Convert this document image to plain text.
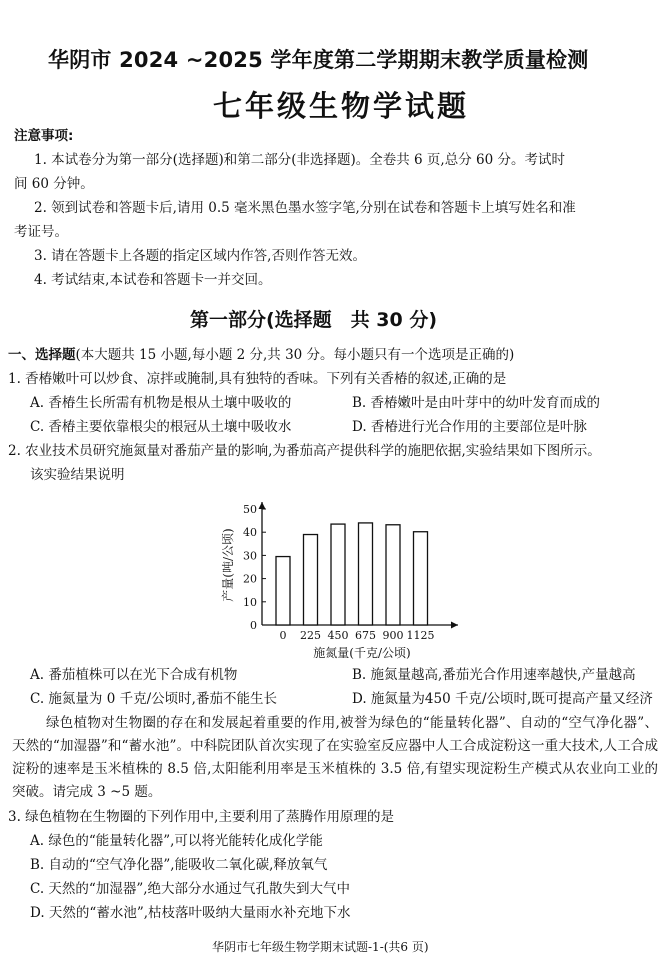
华阴市 2024 ~2025 学年度第二学期期末教学质量检测
七年级生物学试题
注意事项:
1. 本试卷分为第一部分(选择题)和第二部分(非选择题)。全卷共 6 页,总分 60 分。考试时
间 60 分钟。
2. 领到试卷和答题卡后,请用 0.5 毫米黑色墨水签字笔,分别在试卷和答题卡上填写姓名和准
考证号。
3. 请在答题卡上各题的指定区域内作答,否则作答无效。
4. 考试结束,本试卷和答题卡一并交回。
第一部分(选择题　共 30 分)
一、选择题(本大题共 15 小题,每小题 2 分,共 30 分。每小题只有一个选项是正确的)
1. 香椿嫩叶可以炒食、凉拌或腌制,具有独特的香味。下列有关香椿的叙述,正确的是
A. 香椿生长所需有机物是根从土壤中吸收的	B. 香椿嫩叶是由叶芽中的幼叶发育而成的
C. 香椿主要依靠根尖的根冠从土壤中吸收水	D. 香椿进行光合作用的主要部位是叶脉
2. 农业技术员研究施氮量对番茄产量的影响,为番茄高产提供科学的施肥依据,实验结果如下图所示。
该实验结果说明
0
10
20
30
40
50
0 225 450 675 900 1125
施氮量(千克/公顷)
产量(吨/公顷)
A. 番茄植株可以在光下合成有机物	B. 施氮量越高,番茄光合作用速率越快,产量越高
C. 施氮量为 0 千克/公顷时,番茄不能生长	D. 施氮量为450 千克/公顷时,既可提高产量又经济
绿色植物对生物圈的存在和发展起着重要的作用,被誉为绿色的“能量转化器”、自动的“空气净化器”、天然的“加湿器”和“蓄水池”。中科院团队首次实现了在实验室反应器中人工合成淀粉这一重大技术,人工合成淀粉的速率是玉米植株的 8.5 倍,太阳能利用率是玉米植株的 3.5 倍,有望实现淀粉生产模式从农业向工业的突破。请完成 3 ~5 题。
3. 绿色植物在生物圈的下列作用中,主要利用了蒸腾作用原理的是
A. 绿色的“能量转化器”,可以将光能转化成化学能
B. 自动的“空气净化器”,能吸收二氧化碳,释放氧气
C. 天然的“加湿器”,绝大部分水通过气孔散失到大气中
D. 天然的“蓄水池”,枯枝落叶吸纳大量雨水补充地下水
华阴市七年级生物学期末试题-1-(共6 页)
